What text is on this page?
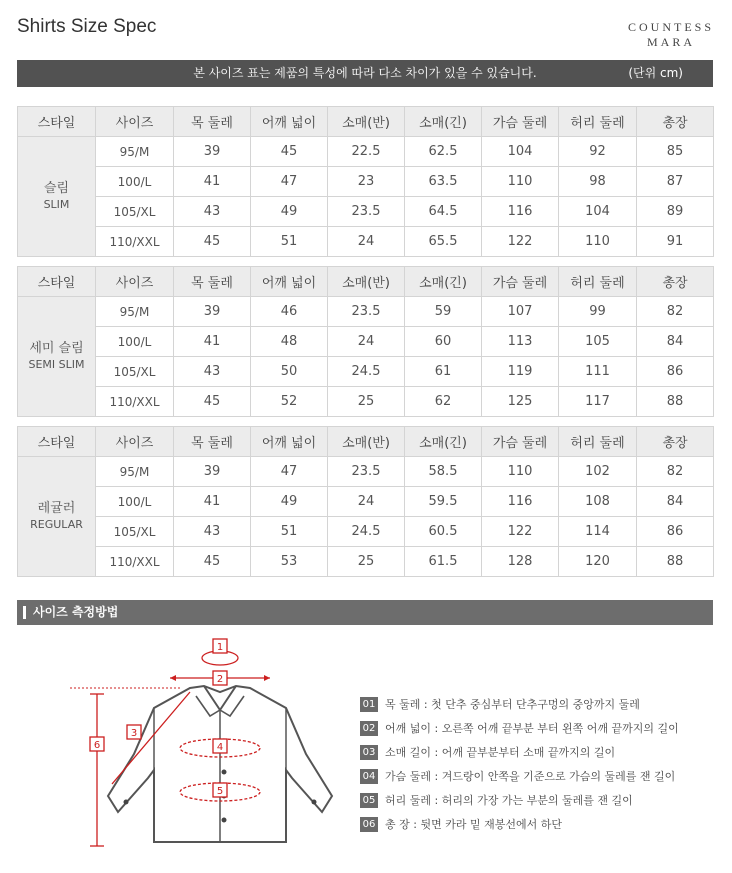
Shirts Size Spec	COUNTESS
MARA
본 사이즈 표는 제품의 특성에 따라 다소 차이가 있을 수 있습니다.	(단위 cm)
스타일	사이즈	목 둘레	어깨 넓이	소매(반)	소매(긴)	가슴 둘레	허리 둘레	총장

슬림
SLIM	95/M	39	45	22.5	62.5	104	92	85
	100/L	41	47	23	63.5	110	98	87
	105/XL	43	49	23.5	64.5	116	104	89
	110/XXL	45	51	24	65.5	122	110	91
스타일	사이즈	목 둘레	어깨 넓이	소매(반)	소매(긴)	가슴 둘레	허리 둘레	총장

세미 슬림
SEMI SLIM	95/M	39	46	23.5	59	107	99	82
	100/L	41	48	24	60	113	105	84
	105/XL	43	50	24.5	61	119	111	86
	110/XXL	45	52	25	62	125	117	88
스타일	사이즈	목 둘레	어깨 넓이	소매(반)	소매(긴)	가슴 둘레	허리 둘레	총장

레귤러
REGULAR	95/M	39	47	23.5	58.5	110	102	82
	100/L	41	49	24	59.5	116	108	84
	105/XL	43	51	24.5	60.5	122	114	86
	110/XXL	45	53	25	61.5	128	120	88
사이즈 측정방법
1
2
3
4
5
6
01 목 둘레 : 첫 단추 중심부터 단추구멍의 중앙까지 둘레
02 어깨 넓이 : 오른쪽 어깨 끝부분 부터 왼쪽 어깨 끝까지의 길이
03 소매 길이 : 어깨 끝부분부터 소매 끝까지의 길이
04 가슴 둘레 : 겨드랑이 안쪽을 기준으로 가슴의 둘레를 잰 길이
05 허리 둘레 : 허리의 가장 가는 부분의 둘레를 잰 길이
06 총 장 : 뒷면 카라 밑 재봉선에서 하단
